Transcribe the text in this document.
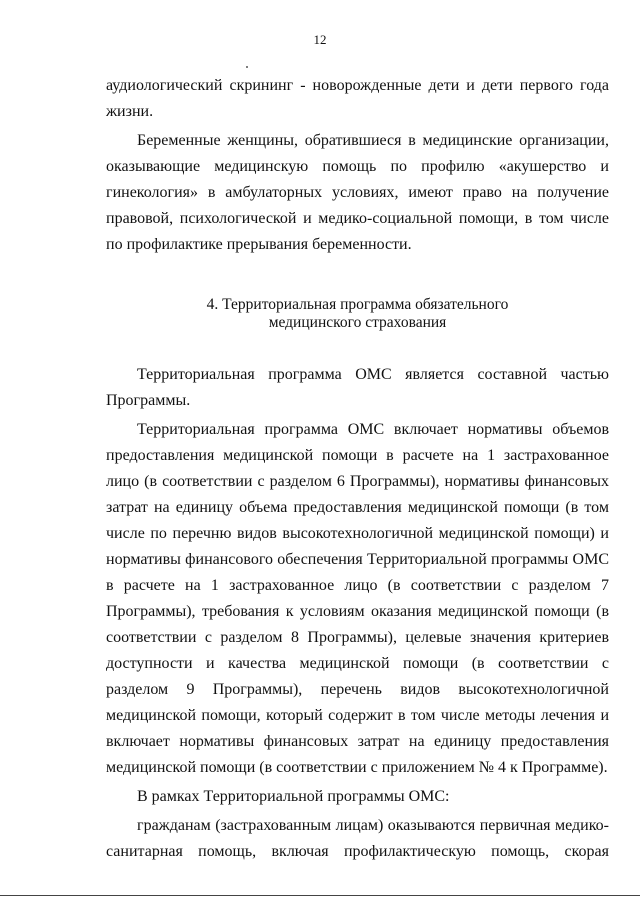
12

аудиологический скрининг - новорожденные дети и дети первого года жизни.

Беременные женщины, обратившиеся в медицинские организации, оказывающие медицинскую помощь по профилю «акушерство и гинекология» в амбулаторных условиях, имеют право на получение правовой, психологической и медико-социальной помощи, в том числе по профилактике прерывания беременности.

4. Территориальная программа обязательного
медицинского страхования

Территориальная программа ОМС является составной частью Программы.

Территориальная программа ОМС включает нормативы объемов предоставления медицинской помощи в расчете на 1 застрахованное лицо (в соответствии с разделом 6 Программы), нормативы финансовых затрат на единицу объема предоставления медицинской помощи (в том числе по перечню видов высокотехнологичной медицинской помощи) и нормативы финансового обеспечения Территориальной программы ОМС в расчете на 1 застрахованное лицо (в соответствии с разделом 7 Программы), требования к условиям оказания медицинской помощи (в соответствии с разделом 8 Программы), целевые значения критериев доступности и качества медицинской помощи (в соответствии с разделом 9 Программы), перечень видов высокотехнологичной медицинской помощи, который содержит в том числе методы лечения и включает нормативы финансовых затрат на единицу предоставления медицинской помощи (в соответствии с приложением № 4 к Программе).

В рамках Территориальной программы ОМС:

гражданам (застрахованным лицам) оказываются первичная медико-санитарная помощь, включая профилактическую помощь, скорая
